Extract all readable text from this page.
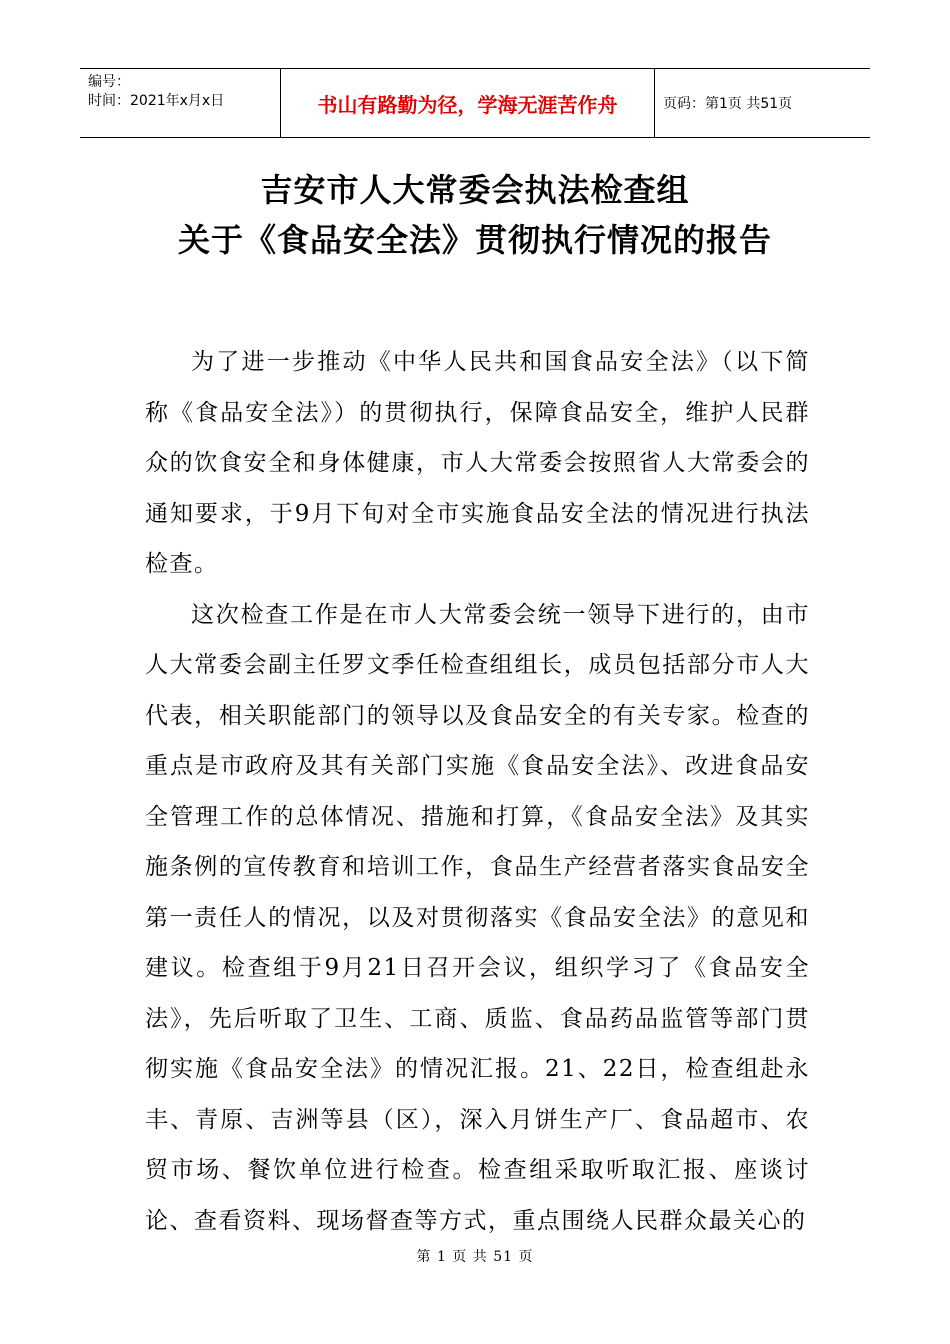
编号：
时间：2021年x月x日	书山有路勤为径，学海无涯苦作舟	页码：第1页 共51页
吉安市人大常委会执法检查组
关于《食品安全法》贯彻执行情况的报告

为了进一步推动《中华人民共和国食品安全法》（以下简称《食品安全法》）的贯彻执行，保障食品安全，维护人民群众的饮食安全和身体健康，市人大常委会按照省人大常委会的通知要求，于9月下旬对全市实施食品安全法的情况进行执法检查。

这次检查工作是在市人大常委会统一领导下进行的，由市人大常委会副主任罗文季任检查组组长，成员包括部分市人大代表，相关职能部门的领导以及食品安全的有关专家。检查的重点是市政府及其有关部门实施《食品安全法》、改进食品安全管理工作的总体情况、措施和打算，《食品安全法》及其实施条例的宣传教育和培训工作，食品生产经营者落实食品安全第一责任人的情况，以及对贯彻落实《食品安全法》的意见和建议。检查组于9月21日召开会议，组织学习了《食品安全法》，先后听取了卫生、工商、质监、食品药品监管等部门贯彻实施《食品安全法》的情况汇报。21、22日，检查组赴永丰、青原、吉洲等县（区），深入月饼生产厂、食品超市、农贸市场、餐饮单位进行检查。检查组采取听取汇报、座谈讨论、查看资料、现场督查等方式，重点围绕人民群众最关心的

第 1 页 共 51 页
